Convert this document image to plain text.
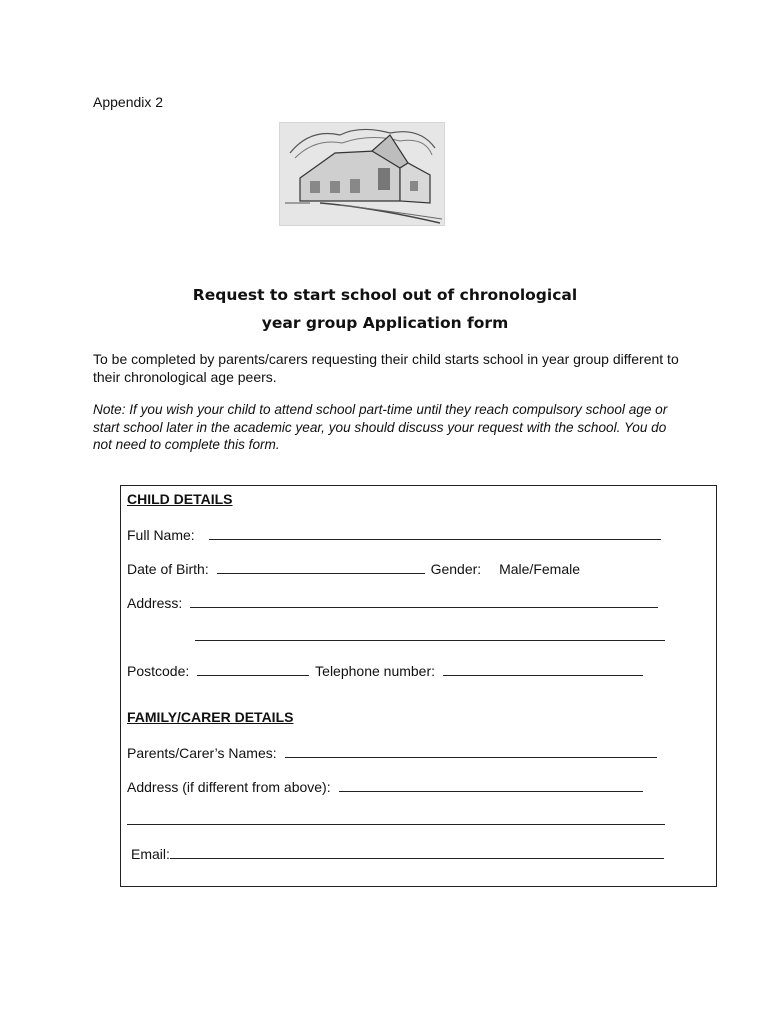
Appendix 2
Request to start school out of chronological
year group Application form
To be completed by parents/carers requesting their child starts school in year group different to their chronological age peers.
Note: If you wish your child to attend school part-time until they reach compulsory school age or start school later in the academic year, you should discuss your request with the school. You do not need to complete this form.
CHILD DETAILS
Full Name:
Date of Birth:	Gender: Male/Female
Address:
Postcode:	Telephone number:
FAMILY/CARER DETAILS
Parents/Carer’s Names:
Address (if different from above):
Email:
